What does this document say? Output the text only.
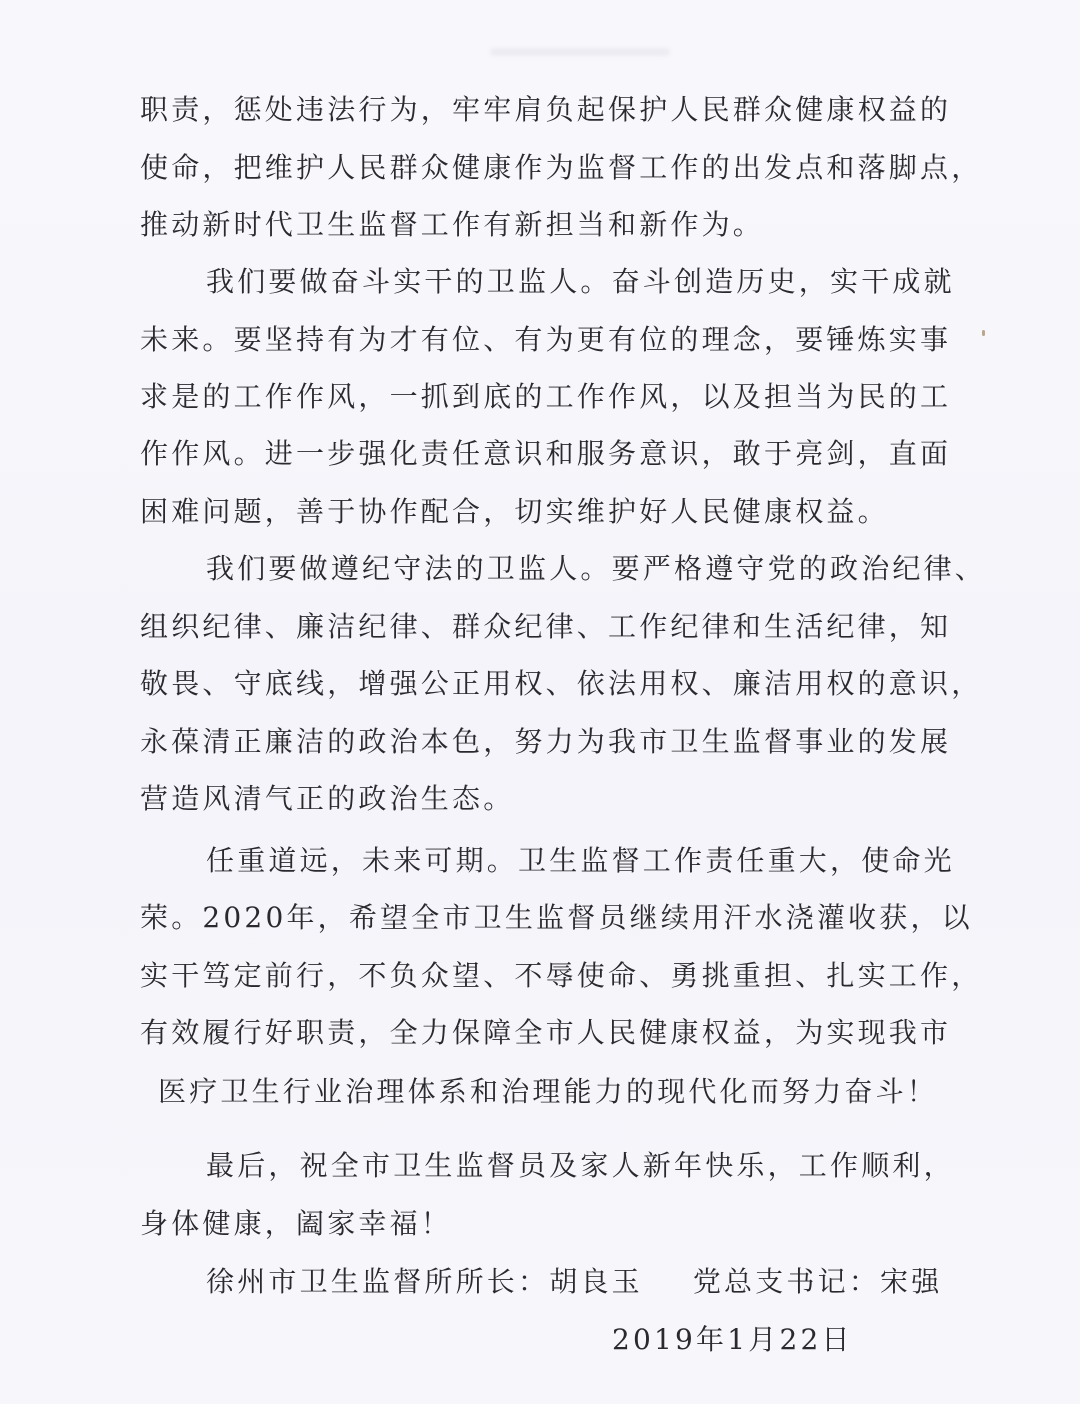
职责，惩处违法行为，牢牢肩负起保护人民群众健康权益的
使命，把维护人民群众健康作为监督工作的出发点和落脚点，
推动新时代卫生监督工作有新担当和新作为。
我们要做奋斗实干的卫监人。奋斗创造历史，实干成就
未来。要坚持有为才有位、有为更有位的理念，要锤炼实事
求是的工作作风，一抓到底的工作作风，以及担当为民的工
作作风。进一步强化责任意识和服务意识，敢于亮剑，直面
困难问题，善于协作配合，切实维护好人民健康权益。
我们要做遵纪守法的卫监人。要严格遵守党的政治纪律、
组织纪律、廉洁纪律、群众纪律、工作纪律和生活纪律，知
敬畏、守底线，增强公正用权、依法用权、廉洁用权的意识，
永葆清正廉洁的政治本色，努力为我市卫生监督事业的发展
营造风清气正的政治生态。
任重道远，未来可期。卫生监督工作责任重大，使命光
荣。2020年，希望全市卫生监督员继续用汗水浇灌收获，以
实干笃定前行，不负众望、不辱使命、勇挑重担、扎实工作，
有效履行好职责，全力保障全市人民健康权益，为实现我市
医疗卫生行业治理体系和治理能力的现代化而努力奋斗！
最后，祝全市卫生监督员及家人新年快乐，工作顺利，
身体健康，阖家幸福！
徐州市卫生监督所所长：胡良玉 党总支书记：宋强
2019年1月22日
